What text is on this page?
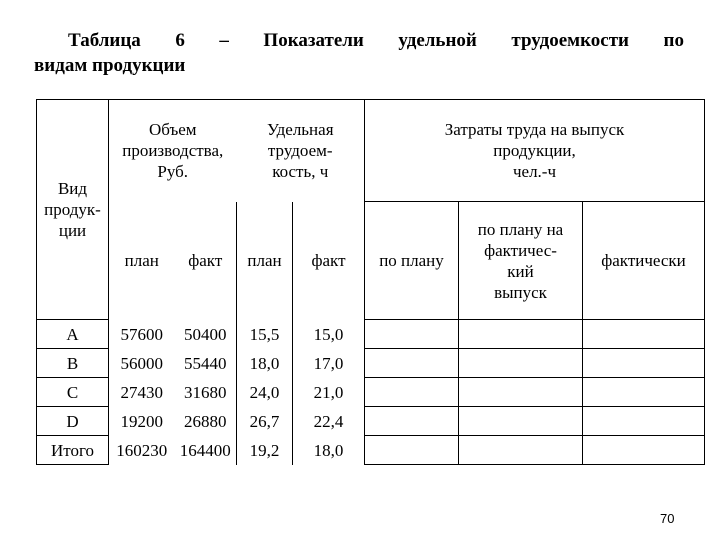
Таблица 6 – Показатели удельной трудоемкости по
видам продукции
Вид
продук-
ции	Объем
производства,
Руб.		Удельная
трудоем-
кость, ч		Затраты труда на выпуск
продукции,
чел.-ч		
	план	факт	план	факт	по плану	по плану на
фактичес-
кий
выпуск	фактически
A	57600	50400	15,5	15,0			
B	56000	55440	18,0	17,0			
C	27430	31680	24,0	21,0			
D	19200	26880	26,7	22,4			
Итого	160230	164400	19,2	18,0			
70
